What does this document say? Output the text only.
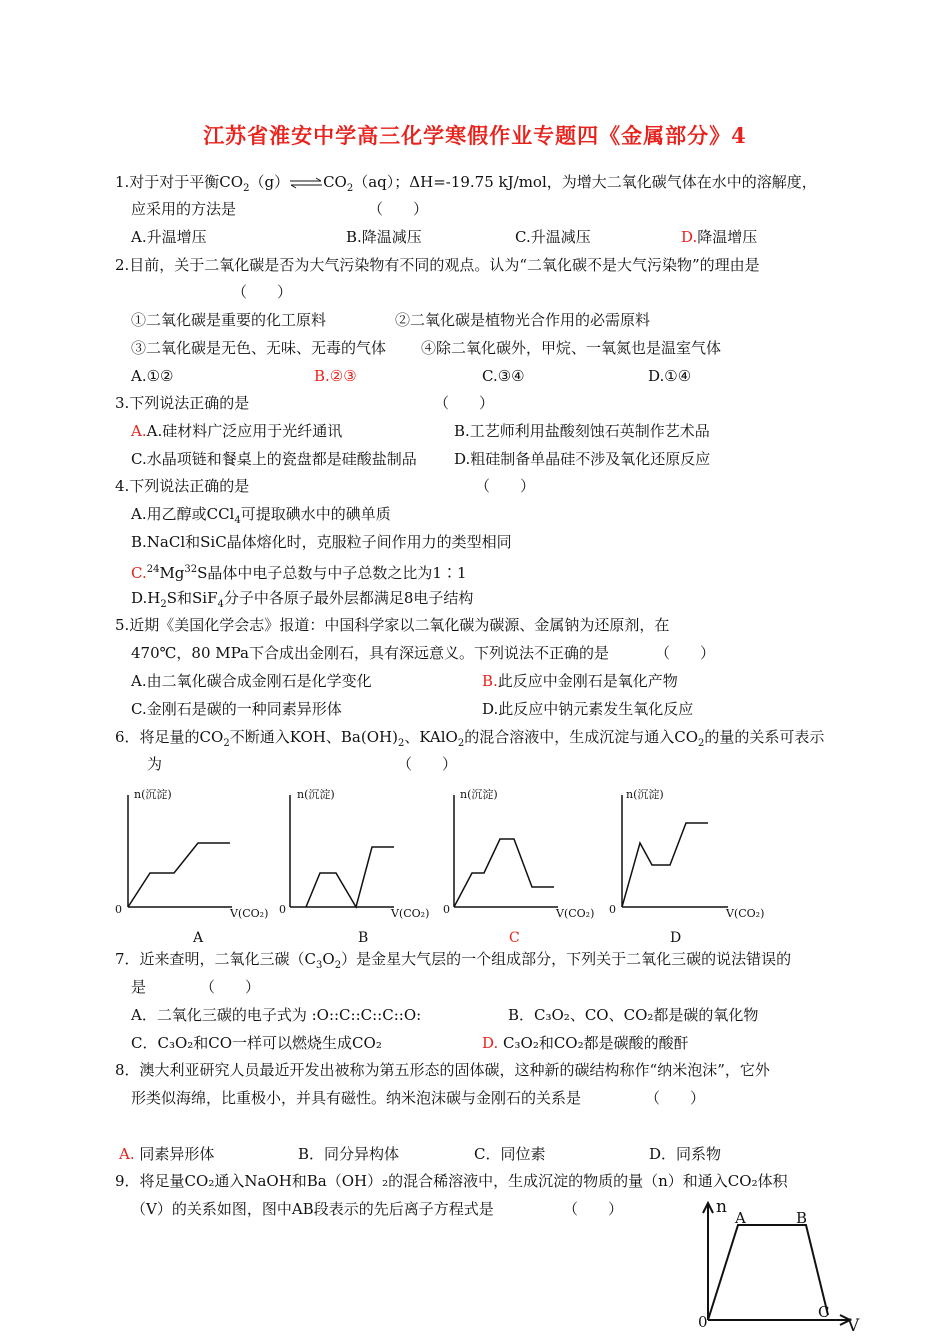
江苏省淮安中学高三化学寒假作业专题四《金属部分》4
1.对于对于平衡$CO_2(g)\rightleftharpoons CO_2(aq)$；ΔH=-19.75 kJ/mol，为增大二氧化碳气体在水中的溶解度，
应采用的方法是	（　　）
A.升温增压	B.降温减压	C.升温减压	D.降温增压
2.目前，关于二氧化碳是否为大气污染物有不同的观点。认为“二氧化碳不是大气污染物”的理由是
（　　）
①二氧化碳是重要的化工原料	②二氧化碳是植物光合作用的必需原料
③二氧化碳是无色、无味、无毒的气体 ④除二氧化碳外，甲烷、一氧氮也是温室气体
A.①②	B.②③	C.③④	D.①④
3.下列说法正确的是	（　　）
A.A.硅材料广泛应用于光纤通讯	B.工艺师利用盐酸刻蚀石英制作艺术品
C.水晶项链和餐桌上的瓷盘都是硅酸盐制品 D.粗硅制备单晶硅不涉及氧化还原反应
4.下列说法正确的是	（　　）
A.用乙醇或CCl$_4$可提取碘水中的碘单质
B.NaCl和SiC晶体熔化时，克服粒子间作用力的类型相同
C.$^{24}$Mg$^{32}$S晶体中电子总数与中子总数之比为1∶1
$D.H_2S$和SiF$_4$分子中各原子最外层都满足8电子结构
5.近期《美国化学会志》报道：中国科学家以二氧化碳为碳源、金属钠为还原剂，在
470℃，80 MPa下合成出金刚石，具有深远意义。下列说法不正确的是	（　　）
A.由二氧化碳合成金刚石是化学变化	B.此反应中金刚石是氧化产物
C.金刚石是碳的一种同素异形体	D.此反应中钠元素发生氧化反应
6．将足量的$CO_2$不断通入KOH、$Ba(OH)_2$、KAlO$_2$的混合溶液中，生成沉淀与通入$CO_2$的量的关系可表示
为	（　　）
n(沉淀)
0	V(CO₂)
A
n(沉淀)
0	V(CO₂)
B
n(沉淀)
0	V(CO₂)
C
n(沉淀)
0	V(CO₂)
D
7．近来查明，二氧化三碳$(C_3O_2)$是金星大气层的一个组成部分，下列关于二氧化三碳的说法错误的
是	（　　）
A．二氧化三碳的电子式为 :O::C::C::C::O:	B．C₃O₂、CO、CO₂都是碳的氧化物
C．C₃O₂和CO一样可以燃烧生成CO₂	D. C₃O₂和CO₂都是碳酸的酸酐
8．澳大利亚研究人员最近开发出被称为第五形态的固体碳，这种新的碳结构称作“纳米泡沫”，它外
形类似海绵，比重极小，并具有磁性。纳米泡沫碳与金刚石的关系是	（　　）
A. 同素异形体	B．同分异构体	C．同位素	D．同系物
9．将足量CO₂通入NaOH和Ba（OH）₂的混合稀溶液中，生成沉淀的物质的量（n）和通入CO₂体积
（V）的关系如图，图中AB段表示的先后离子方程式是	（　　）	n
V
0
A	B
C
